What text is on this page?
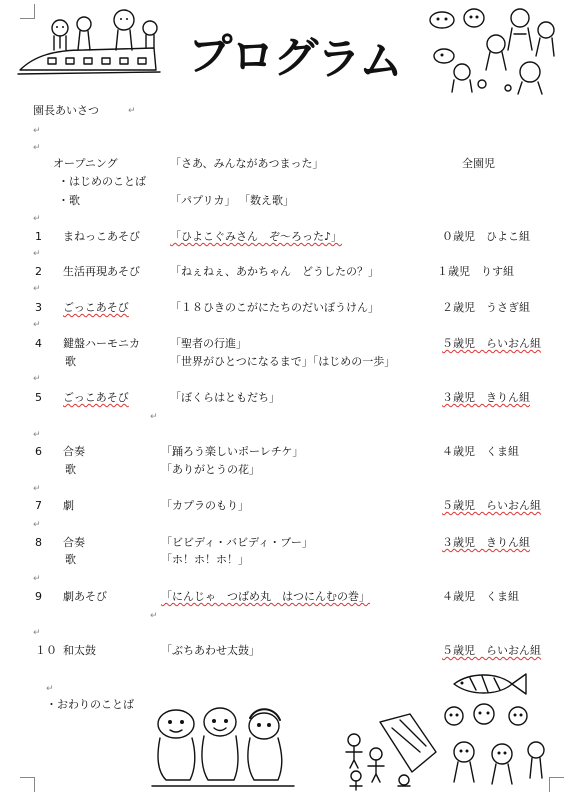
プログラム
園長あいさつ	↵
↵
↵
オープニング	「さあ、みんながあつまった」	全園児
・はじめのことば
・歌	「パプリカ」 「数え歌」
↵
1 まねっこあそび	「ひよこぐみさん　ぞ～ろった♪」	０歳児　ひよこ組
↵
2 生活再現あそび	「ねぇねぇ、あかちゃん　どうしたの？」	１歳児　りす組
↵
3 ごっこあそび	「１８ひきのこがにたちのだいぼうけん」	２歳児　うさぎ組
↵
4 鍵盤ハーモニカ	「聖者の行進」	５歳児　らいおん組
歌	「世界がひとつになるまで」「はじめの一歩」
↵
5 ごっこあそび	「ぼくらはともだち」	３歳児　きりん組
↵
↵
6 合奏	「踊ろう楽しいポーレチケ」	４歳児　くま組
歌	「ありがとうの花」
↵
7 劇	「カプラのもり」	５歳児　らいおん組
↵
8 合奏	「ビビディ・バビディ・ブー」	３歳児　きりん組
歌	「ホ！ホ！ホ！」
↵
9 劇あそび	「にんじゃ　つばめ丸　はつにんむの巻」	４歳児　くま組
↵
↵
１０ 和太鼓	「ぶちあわせ太鼓」	５歳児　らいおん組
↵
・おわりのことば
